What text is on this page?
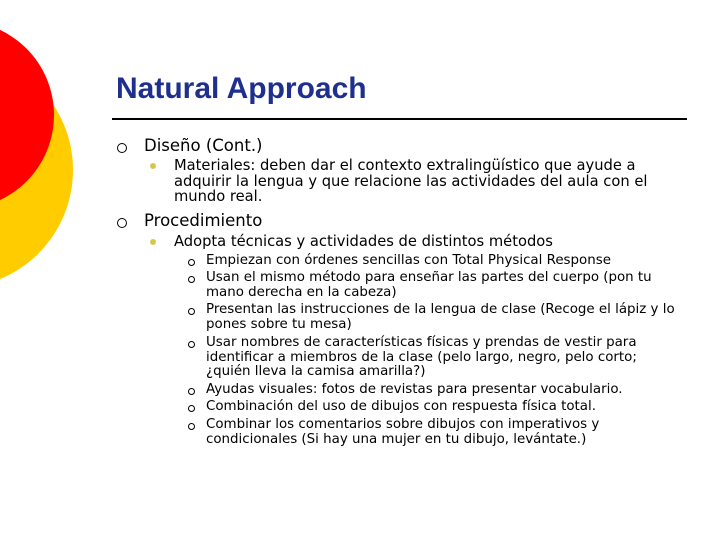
Natural Approach
Diseño (Cont.)
Materiales: deben dar el contexto extralingüístico que ayude a adquirir la lengua y que relacione las actividades del aula con el mundo real.
Procedimiento
Adopta técnicas y actividades de distintos métodos
Empiezan con órdenes sencillas con Total Physical Response
Usan el mismo método para enseñar las partes del cuerpo (pon tu mano derecha en la cabeza)
Presentan las instrucciones de la lengua de clase (Recoge el lápiz y lo pones sobre tu mesa)
Usar nombres de características físicas y prendas de vestir para identificar a miembros de la clase (pelo largo, negro, pelo corto; ¿quién lleva la camisa amarilla?)
Ayudas visuales: fotos de revistas para presentar vocabulario.
Combinación del uso de dibujos con respuesta física total.
Combinar los comentarios sobre dibujos con imperativos y condicionales (Si hay una mujer en tu dibujo, levántate.)
